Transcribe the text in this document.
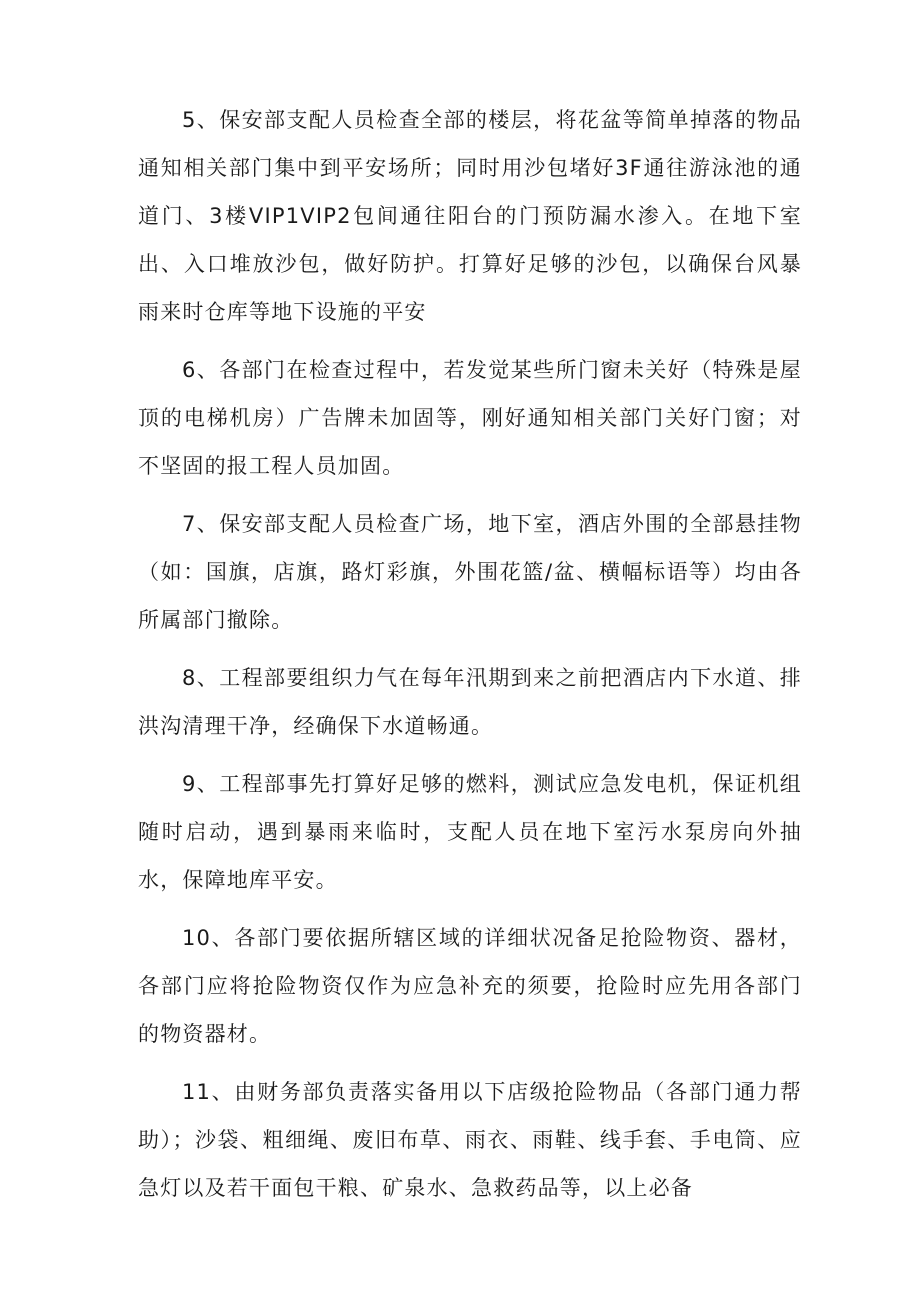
5、保安部支配人员检查全部的楼层，将花盆等简单掉落的物品通知相关部门集中到平安场所；同时用沙包堵好3F通往游泳池的通道门、3楼VIP1VIP2包间通往阳台的门预防漏水渗入。在地下室出、入口堆放沙包，做好防护。打算好足够的沙包，以确保台风暴雨来时仓库等地下设施的平安

6、各部门在检查过程中，若发觉某些所门窗未关好（特殊是屋顶的电梯机房）广告牌未加固等，刚好通知相关部门关好门窗；对不坚固的报工程人员加固。

7、保安部支配人员检查广场，地下室，酒店外围的全部悬挂物（如：国旗，店旗，路灯彩旗，外围花篮/盆、横幅标语等）均由各所属部门撤除。

8、工程部要组织力气在每年汛期到来之前把酒店内下水道、排洪沟清理干净，经确保下水道畅通。

9、工程部事先打算好足够的燃料，测试应急发电机，保证机组随时启动，遇到暴雨来临时，支配人员在地下室污水泵房向外抽水，保障地库平安。

10、各部门要依据所辖区域的详细状况备足抢险物资、器材，各部门应将抢险物资仅作为应急补充的须要，抢险时应先用各部门的物资器材。

11、由财务部负责落实备用以下店级抢险物品（各部门通力帮助）；沙袋、粗细绳、废旧布草、雨衣、雨鞋、线手套、手电筒、应急灯以及若干面包干粮、矿泉水、急救药品等，以上必备
